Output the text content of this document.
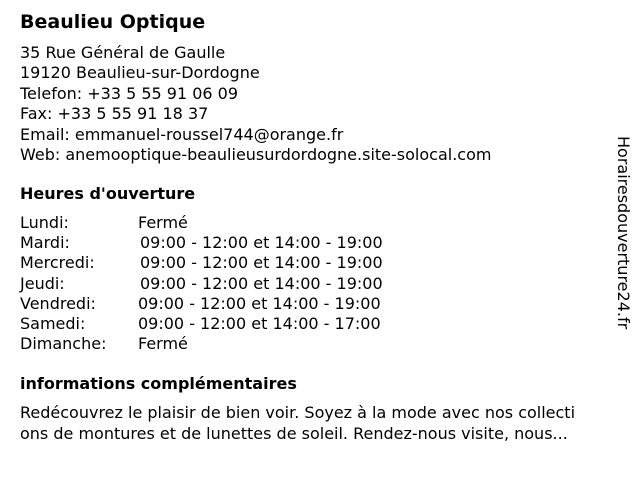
Beaulieu Optique
35 Rue Général de Gaulle
19120 Beaulieu-sur-Dordogne
Telefon: +33 5 55 91 06 09
Fax: +33 5 55 91 18 37
Email: emmanuel-roussel744@orange.fr
Web: anemooptique-beaulieusurdordogne.site-solocal.com
Heures d'ouverture
Lundi:	Fermé
Mardi:	09:00 - 12:00 et 14:00 - 19:00
Mercredi:	09:00 - 12:00 et 14:00 - 19:00
Jeudi:	09:00 - 12:00 et 14:00 - 19:00
Vendredi:	09:00 - 12:00 et 14:00 - 19:00
Samedi:	09:00 - 12:00 et 14:00 - 17:00
Dimanche: Fermé
informations complémentaires
Redécouvrez le plaisir de bien voir. Soyez à la mode avec nos collecti
ons de montures et de lunettes de soleil. Rendez-nous visite, nous...
Horairesdouverture24.fr
